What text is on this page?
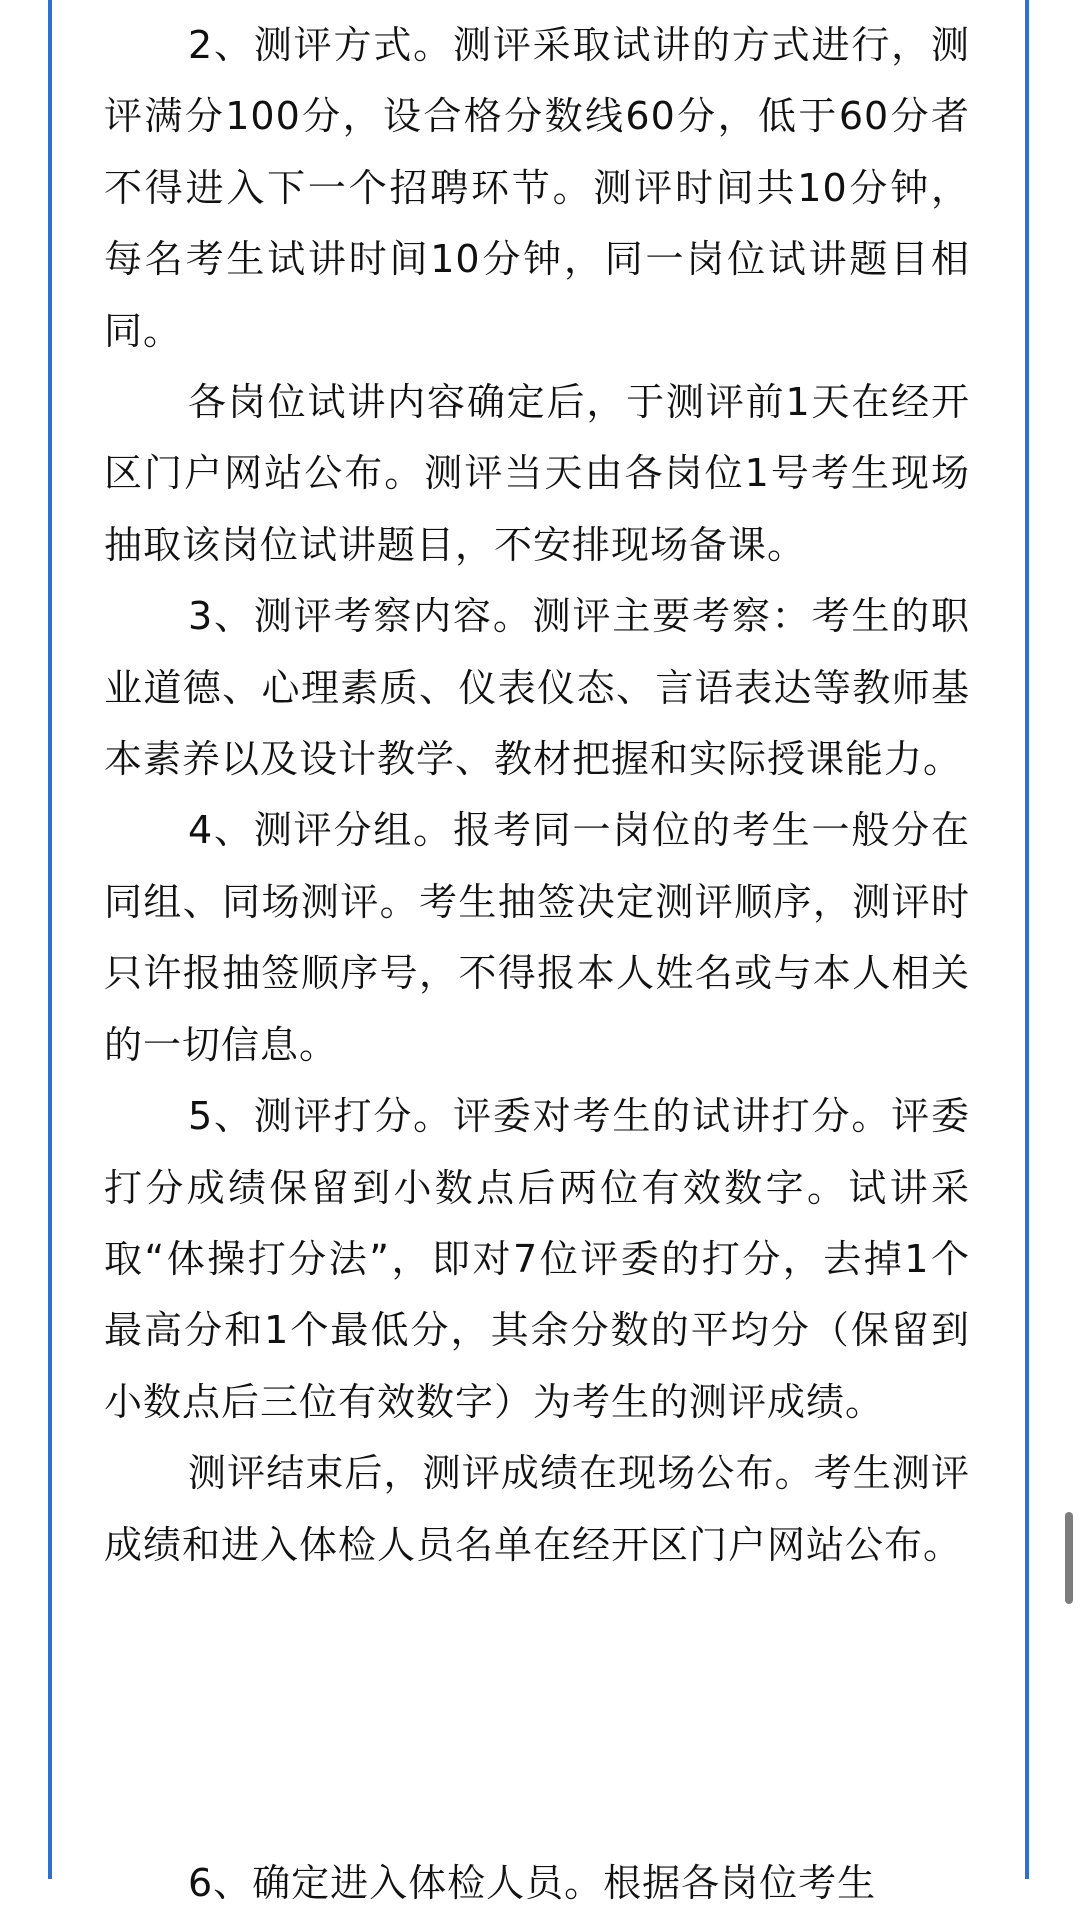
2、测评方式。测评采取试讲的方式进行，测评满分100分，设合格分数线60分，低于60分者不得进入下一个招聘环节。测评时间共10分钟，每名考生试讲时间10分钟，同一岗位试讲题目相同。

各岗位试讲内容确定后，于测评前1天在经开区门户网站公布。测评当天由各岗位1号考生现场抽取该岗位试讲题目，不安排现场备课。

3、测评考察内容。测评主要考察：考生的职业道德、心理素质、仪表仪态、言语表达等教师基本素养以及设计教学、教材把握和实际授课能力。

4、测评分组。报考同一岗位的考生一般分在同组、同场测评。考生抽签决定测评顺序，测评时只许报抽签顺序号，不得报本人姓名或与本人相关的一切信息。

5、测评打分。评委对考生的试讲打分。评委打分成绩保留到小数点后两位有效数字。试讲采取“体操打分法”，即对7位评委的打分，去掉1个最高分和1个最低分，其余分数的平均分（保留到小数点后三位有效数字）为考生的测评成绩。

测评结束后，测评成绩在现场公布。考生测评成绩和进入体检人员名单在经开区门户网站公布。

6、确定进入体检人员。根据各岗位考生
